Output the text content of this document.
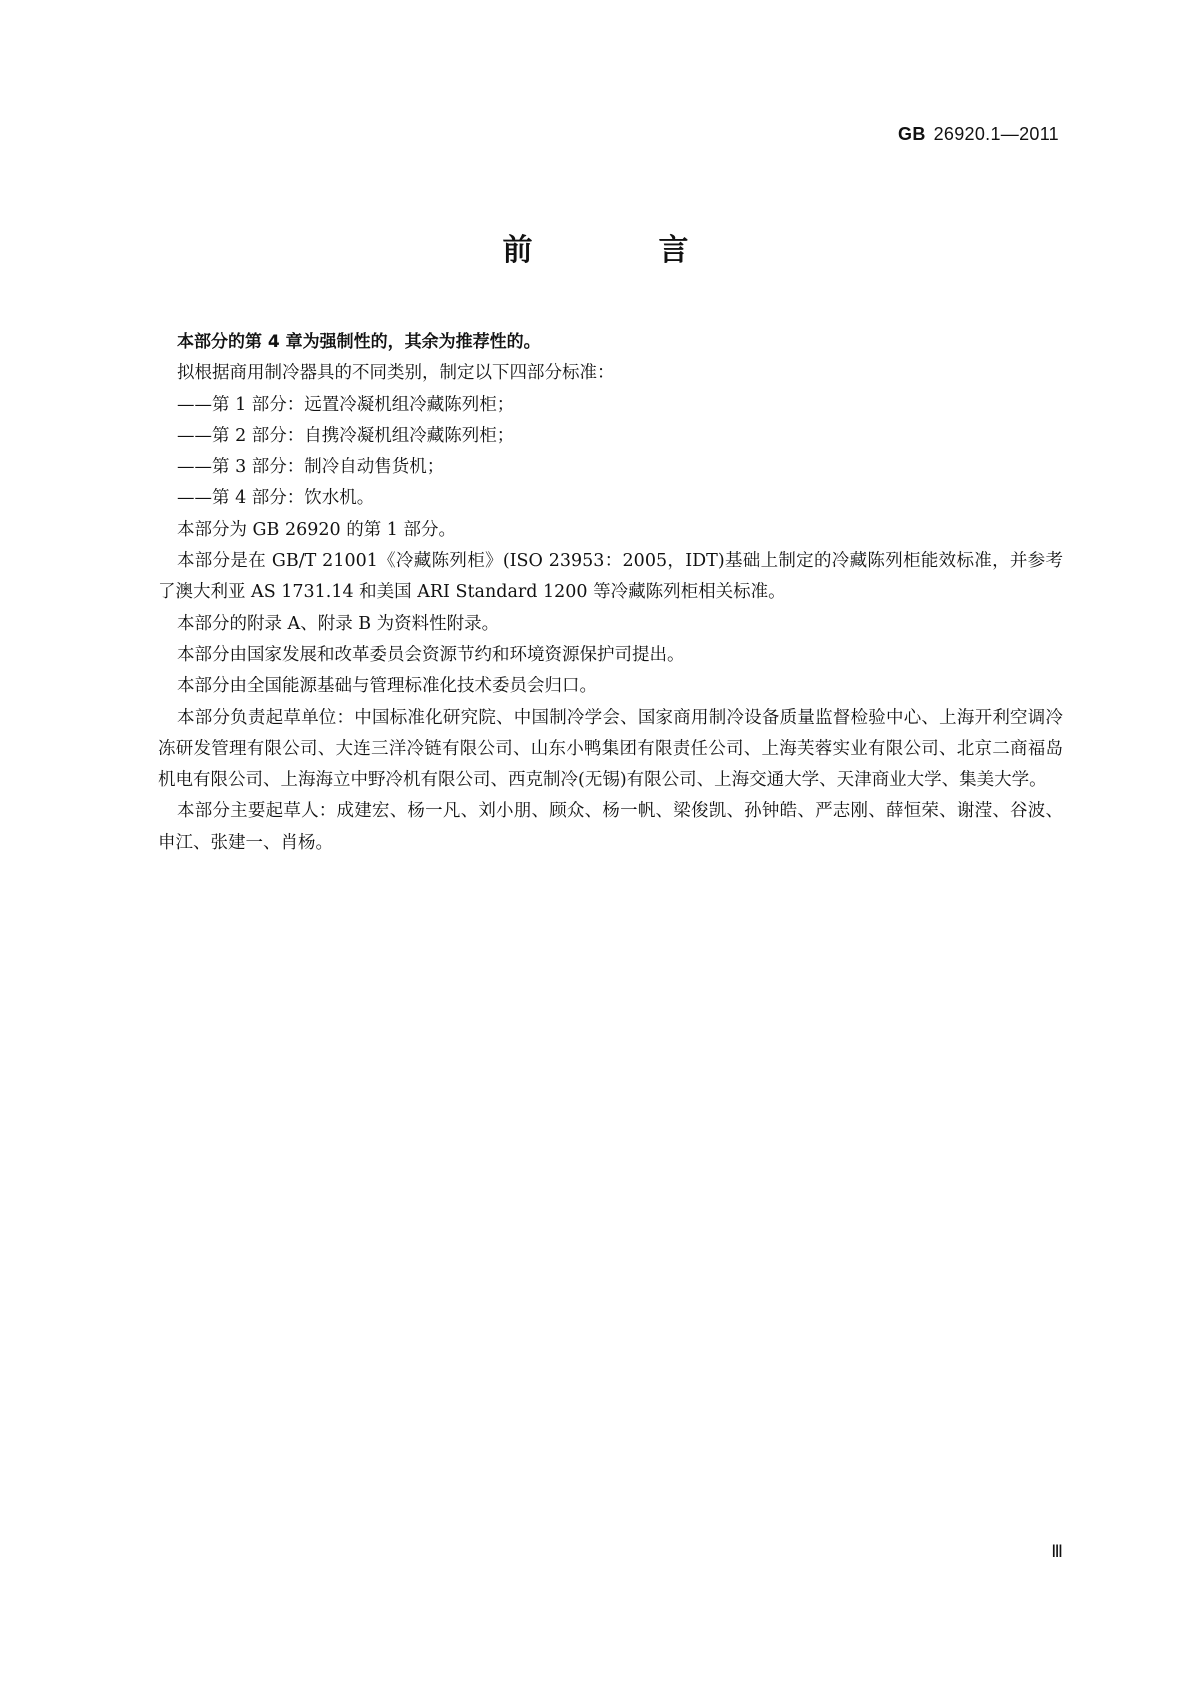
GB 26920.1—2011

前　言

本部分的第 4 章为强制性的，其余为推荐性的。

拟根据商用制冷器具的不同类别，制定以下四部分标准：

——第 1 部分：远置冷凝机组冷藏陈列柜；

——第 2 部分：自携冷凝机组冷藏陈列柜；

——第 3 部分：制冷自动售货机；

——第 4 部分：饮水机。

本部分为 GB 26920 的第 1 部分。

本部分是在 GB/T 21001《冷藏陈列柜》(ISO 23953：2005，IDT)基础上制定的冷藏陈列柜能效标准，并参考了澳大利亚 AS 1731.14 和美国 ARI Standard 1200 等冷藏陈列柜相关标准。

本部分的附录 A、附录 B 为资料性附录。

本部分由国家发展和改革委员会资源节约和环境资源保护司提出。

本部分由全国能源基础与管理标准化技术委员会归口。

本部分负责起草单位：中国标准化研究院、中国制冷学会、国家商用制冷设备质量监督检验中心、上海开利空调冷冻研发管理有限公司、大连三洋冷链有限公司、山东小鸭集团有限责任公司、上海芙蓉实业有限公司、北京二商福岛机电有限公司、上海海立中野冷机有限公司、西克制冷(无锡)有限公司、上海交通大学、天津商业大学、集美大学。

本部分主要起草人：成建宏、杨一凡、刘小朋、顾众、杨一帆、梁俊凯、孙钟皓、严志刚、薛恒荣、谢滢、谷波、申江、张建一、肖杨。

Ⅲ
